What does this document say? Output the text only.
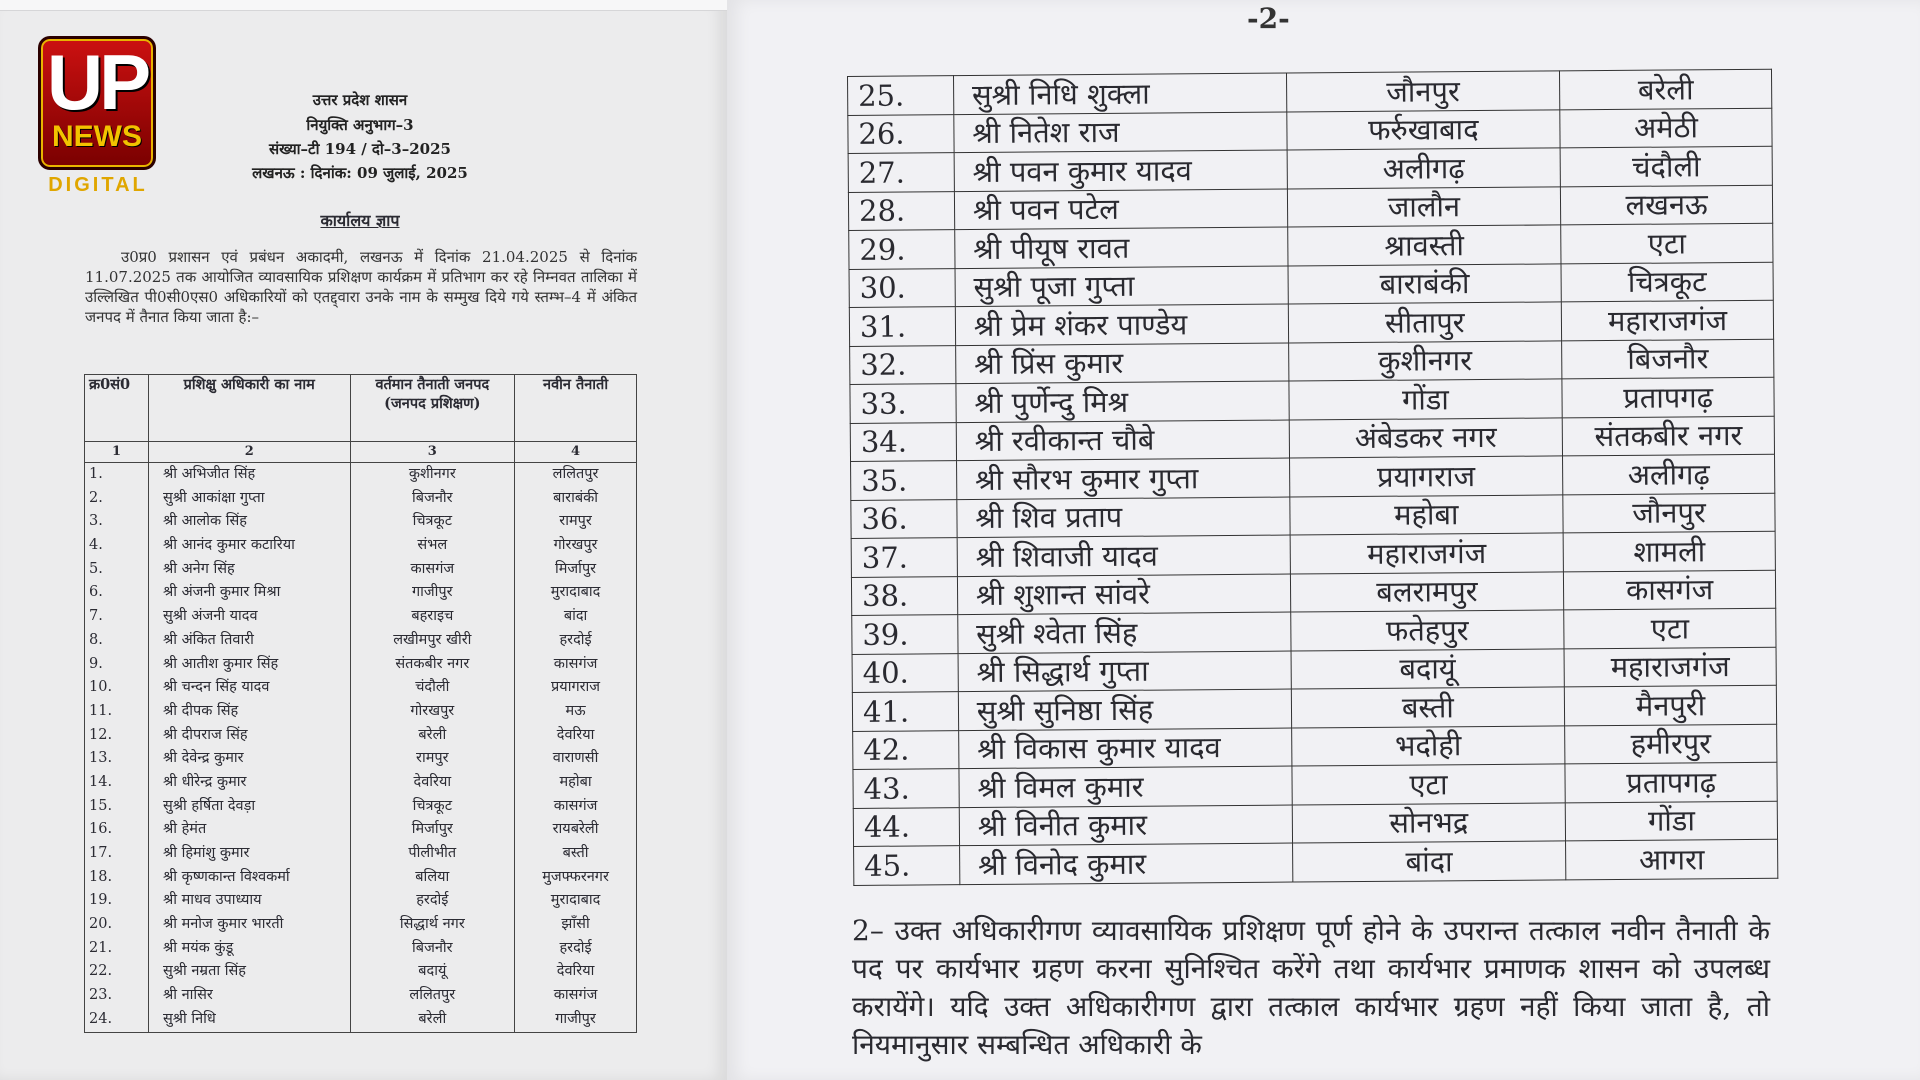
UP
NEWS
DIGITAL
उत्तर प्रदेश शासन
नियुक्ति अनुभाग–3
संख्या–टी 194 / दो–3–2025
लखनऊ : दिनांक: 09 जुलाई, 2025
कार्यालय ज्ञाप
उ0प्र0 प्रशासन एवं प्रबंधन अकादमी, लखनऊ में दिनांक 21.04.2025 से दिनांक 11.07.2025 तक आयोजित व्यावसायिक प्रशिक्षण कार्यक्रम में प्रतिभाग कर रहे निम्नवत तालिका में उल्लिखित पी0सी0एस0 अधिकारियों को एतद्द्वारा उनके नाम के सम्मुख दिये गये स्तम्भ–4 में अंकित जनपद में तैनात किया जाता है:–
क्र0सं0	प्रशिक्षु अधिकारी का नाम	वर्तमान तैनाती जनपद (जनपद प्रशिक्षण)	नवीन तैनाती
1	2	3	4
1.	श्री अभिजीत सिंह	कुशीनगर	ललितपुर
2.	सुश्री आकांक्षा गुप्ता	बिजनौर	बाराबंकी
3.	श्री आलोक सिंह	चित्रकूट	रामपुर
4.	श्री आनंद कुमार कटारिया	संभल	गोरखपुर
5.	श्री अनेग सिंह	कासगंज	मिर्जापुर
6.	श्री अंजनी कुमार मिश्रा	गाजीपुर	मुरादाबाद
7.	सुश्री अंजनी यादव	बहराइच	बांदा
8.	श्री अंकित तिवारी	लखीमपुर खीरी	हरदोई
9.	श्री आतीश कुमार सिंह	संतकबीर नगर	कासगंज
10.	श्री चन्दन सिंह यादव	चंदौली	प्रयागराज
11.	श्री दीपक सिंह	गोरखपुर	मऊ
12.	श्री दीपराज सिंह	बरेली	देवरिया
13.	श्री देवेन्द्र कुमार	रामपुर	वाराणसी
14.	श्री धीरेन्द्र कुमार	देवरिया	महोबा
15.	सुश्री हर्षिता देवड़ा	चित्रकूट	कासगंज
16.	श्री हेमंत	मिर्जापुर	रायबरेली
17.	श्री हिमांशु कुमार	पीलीभीत	बस्ती
18.	श्री कृष्णकान्त विश्वकर्मा	बलिया	मुजफ्फरनगर
19.	श्री माधव उपाध्याय	हरदोई	मुरादाबाद
20.	श्री मनोज कुमार भारती	सिद्धार्थ नगर	झाँसी
21.	श्री मयंक कुंडू	बिजनौर	हरदोई
22.	सुश्री नम्रता सिंह	बदायूं	देवरिया
23.	श्री नासिर	ललितपुर	कासगंज
24.	सुश्री निधि	बरेली	गाजीपुर
-2-
25.	सुश्री निधि शुक्ला	जौनपुर	बरेली
26.	श्री नितेश राज	फर्रुखाबाद	अमेठी
27.	श्री पवन कुमार यादव	अलीगढ़	चंदौली
28.	श्री पवन पटेल	जालौन	लखनऊ
29.	श्री पीयूष रावत	श्रावस्ती	एटा
30.	सुश्री पूजा गुप्ता	बाराबंकी	चित्रकूट
31.	श्री प्रेम शंकर पाण्डेय	सीतापुर	महाराजगंज
32.	श्री प्रिंस कुमार	कुशीनगर	बिजनौर
33.	श्री पुर्णेन्दु मिश्र	गोंडा	प्रतापगढ़
34.	श्री रवीकान्त चौबे	अंबेडकर नगर	संतकबीर नगर
35.	श्री सौरभ कुमार गुप्ता	प्रयागराज	अलीगढ़
36.	श्री शिव प्रताप	महोबा	जौनपुर
37.	श्री शिवाजी यादव	महाराजगंज	शामली
38.	श्री शुशान्त सांवरे	बलरामपुर	कासगंज
39.	सुश्री श्वेता सिंह	फतेहपुर	एटा
40.	श्री सिद्धार्थ गुप्ता	बदायूं	महाराजगंज
41.	सुश्री सुनिष्ठा सिंह	बस्ती	मैनपुरी
42.	श्री विकास कुमार यादव	भदोही	हमीरपुर
43.	श्री विमल कुमार	एटा	प्रतापगढ़
44.	श्री विनीत कुमार	सोनभद्र	गोंडा
45.	श्री विनोद कुमार	बांदा	आगरा
2– उक्त अधिकारीगण व्यावसायिक प्रशिक्षण पूर्ण होने के उपरान्त तत्काल नवीन तैनाती के पद पर कार्यभार ग्रहण करना सुनिश्चित करेंगे तथा कार्यभार प्रमाणक शासन को उपलब्ध करायेंगे। यदि उक्त अधिकारीगण द्वारा तत्काल कार्यभार ग्रहण नहीं किया जाता है, तो नियमानुसार सम्बन्धित अधिकारी के
